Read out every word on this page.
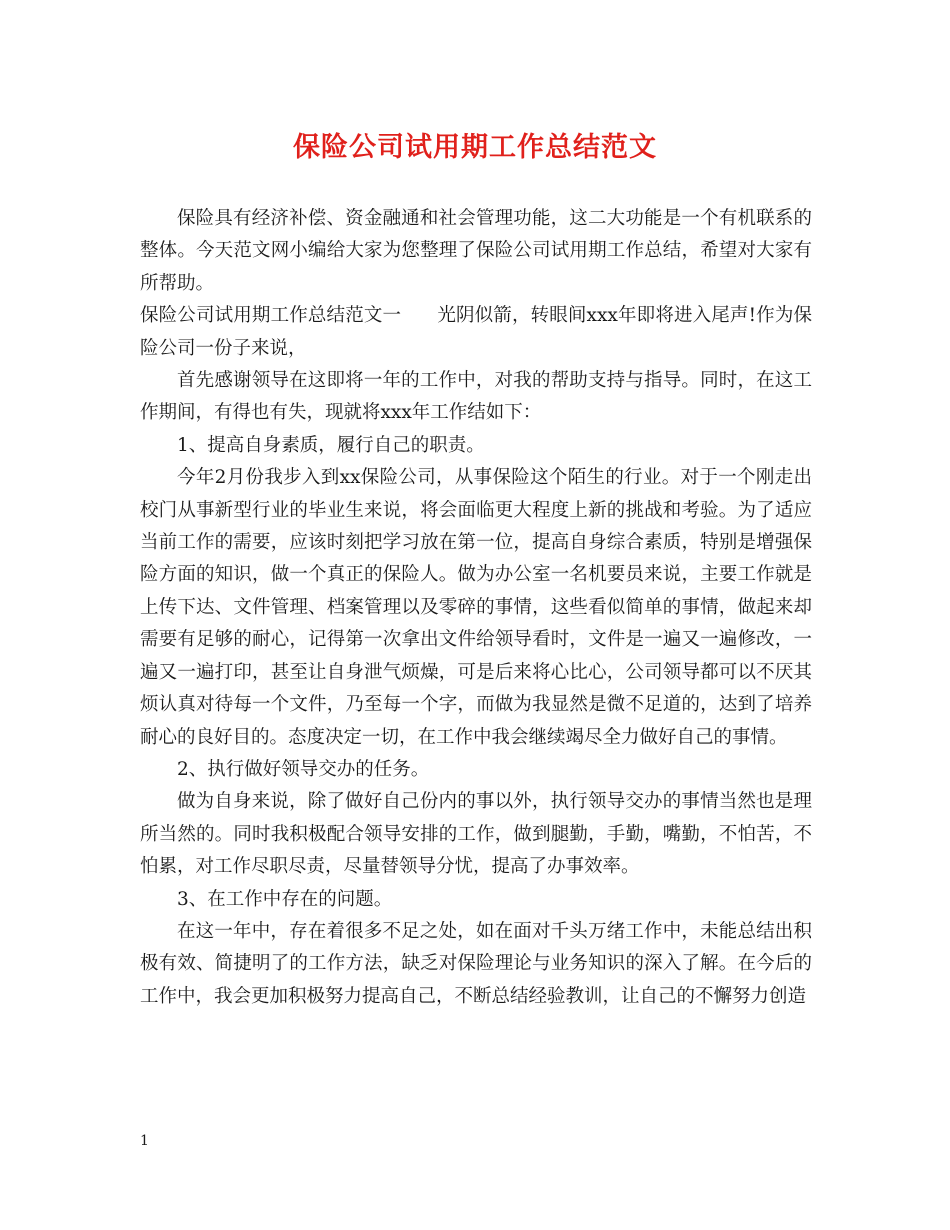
保险公司试用期工作总结范文

保险具有经济补偿、资金融通和社会管理功能，这二大功能是一个有机联系的整体。今天范文网小编给大家为您整理了保险公司试用期工作总结，希望对大家有所帮助。

保险公司试用期工作总结范文一 光阴似箭，转眼间xxx年即将进入尾声!作为保险公司一份子来说，

首先感谢领导在这即将一年的工作中，对我的帮助支持与指导。同时，在这工作期间，有得也有失，现就将xxx年工作结如下：

1、提高自身素质，履行自己的职责。

今年2月份我步入到xx保险公司，从事保险这个陌生的行业。对于一个刚走出校门从事新型行业的毕业生来说，将会面临更大程度上新的挑战和考验。为了适应当前工作的需要，应该时刻把学习放在第一位，提高自身综合素质，特别是增强保险方面的知识，做一个真正的保险人。做为办公室一名机要员来说，主要工作就是上传下达、文件管理、档案管理以及零碎的事情，这些看似简单的事情，做起来却需要有足够的耐心，记得第一次拿出文件给领导看时，文件是一遍又一遍修改，一遍又一遍打印，甚至让自身泄气烦燥，可是后来将心比心，公司领导都可以不厌其烦认真对待每一个文件，乃至每一个字，而做为我显然是微不足道的，达到了培养耐心的良好目的。态度决定一切，在工作中我会继续竭尽全力做好自己的事情。

2、执行做好领导交办的任务。

做为自身来说，除了做好自己份内的事以外，执行领导交办的事情当然也是理所当然的。同时我积极配合领导安排的工作，做到腿勤，手勤，嘴勤，不怕苦，不怕累，对工作尽职尽责，尽量替领导分忧，提高了办事效率。

3、在工作中存在的问题。

在这一年中，存在着很多不足之处，如在面对千头万绪工作中，未能总结出积极有效、简捷明了的工作方法，缺乏对保险理论与业务知识的深入了解。在今后的工作中，我会更加积极努力提高自己，不断总结经验教训，让自己的不懈努力创造

1
